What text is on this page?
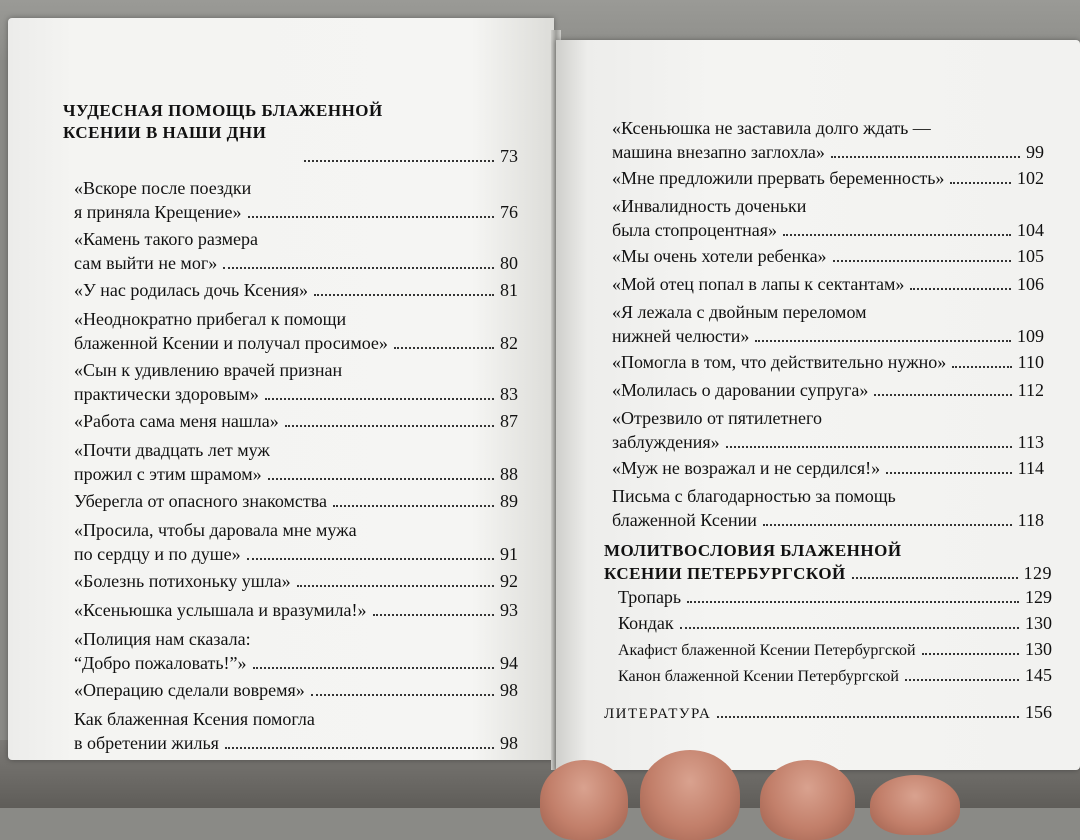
ЧУДЕСНАЯ ПОМОЩЬ БЛАЖЕННОЙ
КСЕНИИ В НАШИ ДНИ
73
«Вскоре после поездки
я приняла Крещение»	76
«Камень такого размера
сам выйти не мог»	80
«У нас родилась дочь Ксения»	81
«Неоднократно прибегал к помощи
блаженной Ксении и получал просимое»	82
«Сын к удивлению врачей признан
практически здоровым»	83
«Работа сама меня нашла»	87
«Почти двадцать лет муж
прожил с этим шрамом»	88
Уберегла от опасного знакомства	89
«Просила, чтобы даровала мне мужа
по сердцу и по душе»	91
«Болезнь потихоньку ушла»	92
«Ксеньюшка услышала и вразумила!»	93
«Полиция нам сказала:
“Добро пожаловать!”»	94
«Операцию сделали вовремя»	98
Как блаженная Ксения помогла
в обретении жилья	98
«Ксеньюшка не заставила долго ждать —
машина внезапно заглохла»	99
«Мне предложили прервать беременность»	102
«Инвалидность доченьки
была стопроцентная»	104
«Мы очень хотели ребенка»	105
«Мой отец попал в лапы к сектантам»	106
«Я лежала с двойным переломом
нижней челюсти»	109
«Помогла в том, что действительно нужно»	110
«Молилась о даровании супруга»	112
«Отрезвило от пятилетнего
заблуждения»	113
«Муж не возражал и не сердился!»	114
Письма с благодарностью за помощь
блаженной Ксении	118
МОЛИТВОСЛОВИЯ БЛАЖЕННОЙ
КСЕНИИ ПЕТЕРБУРГСКОЙ	129
Тропарь	129
Кондак	130
Акафист блаженной Ксении Петербургской	130
Канон блаженной Ксении Петербургской	145
ЛИТЕРАТУРА	156
